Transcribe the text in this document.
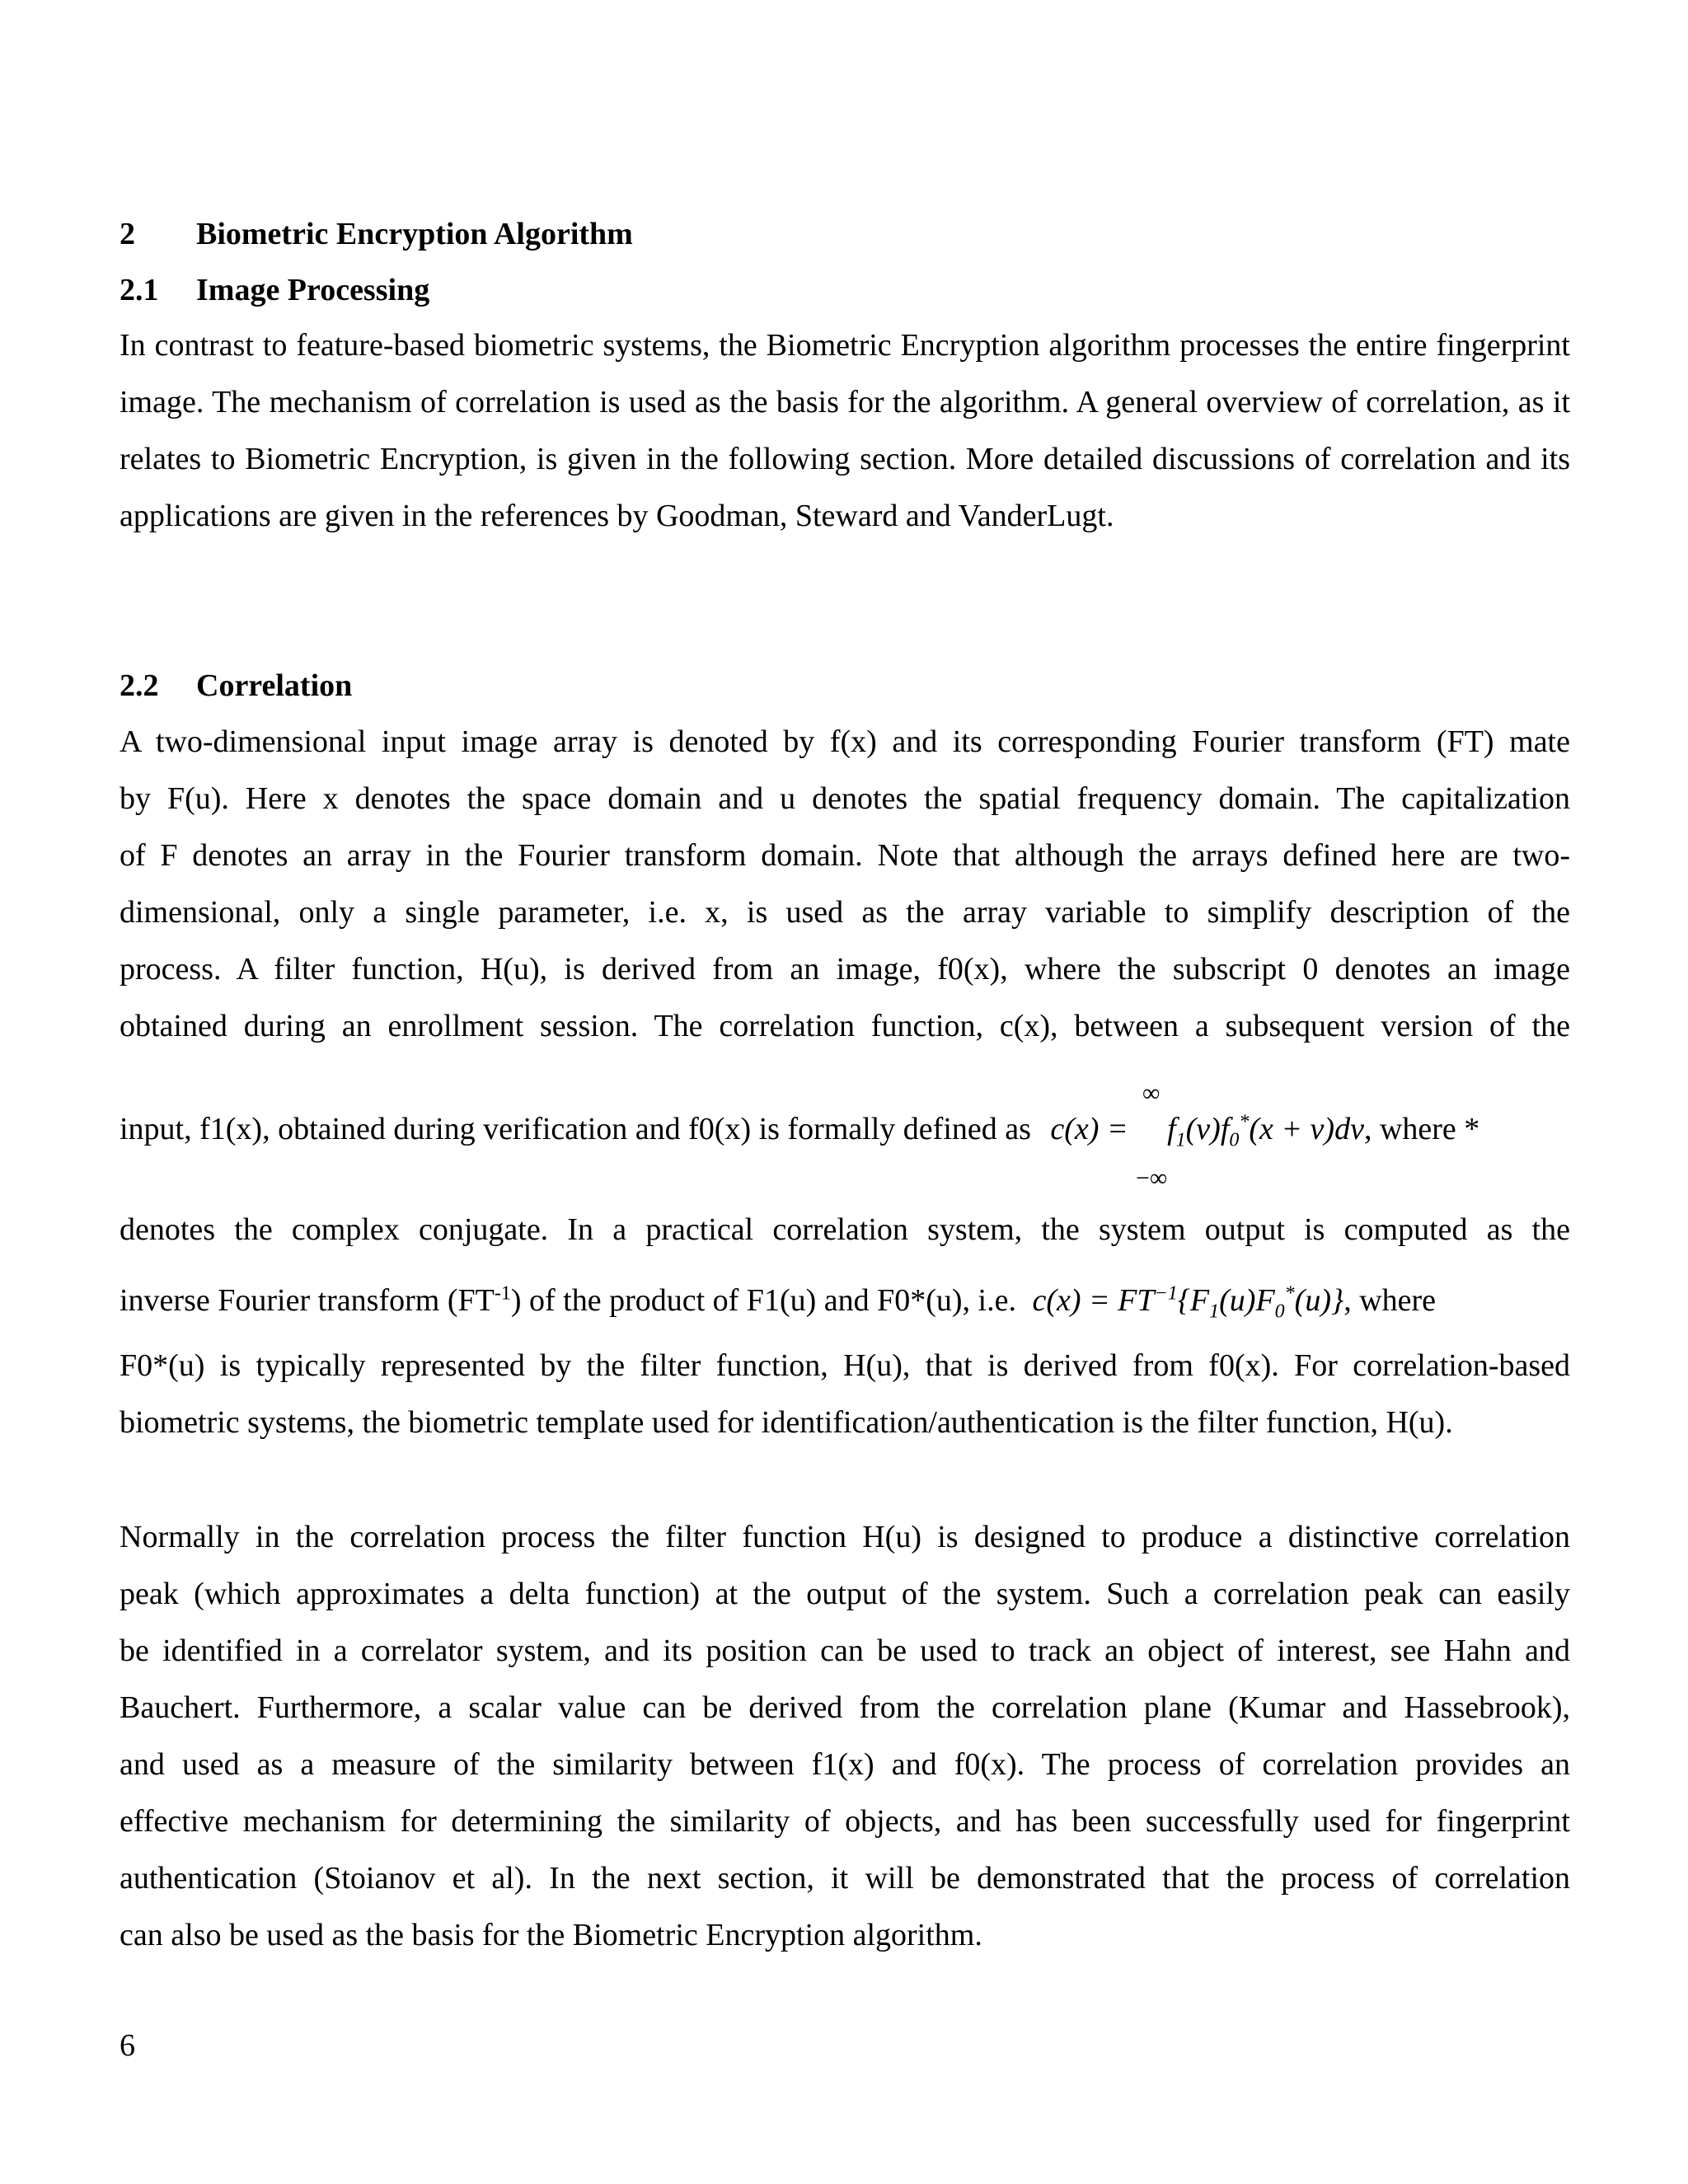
2 Biometric Encryption Algorithm
2.1 Image Processing
In contrast to feature-based biometric systems, the Biometric Encryption algorithm processes the entire fingerprint image. The mechanism of correlation is used as the basis for the algorithm. A general overview of correlation, as it relates to Biometric Encryption, is given in the following section. More detailed discussions of correlation and its applications are given in the references by Goodman, Steward and VanderLugt.
2.2 Correlation
A two-dimensional input image array is denoted by f(x) and its corresponding Fourier transform (FT) mate
by F(u). Here x denotes the space domain and u denotes the spatial frequency domain. The capitalization
of F denotes an array in the Fourier transform domain. Note that although the arrays defined here are two-
dimensional, only a single parameter, i.e. x, is used as the array variable to simplify description of the
process. A filter function, H(u), is derived from an image, f0(x), where the subscript 0 denotes an image
obtained during an enrollment session. The correlation function, c(x), between a subsequent version of the
input, f1(x), obtained during verification and f0(x) is formally defined as c(x) =     $f_1(v)f_0^*(x + v)dv$, where *
∞
−∞
denotes the complex conjugate. In a practical correlation system, the system output is computed as the
inverse Fourier transform $(FT^{-1})$ of the product of F1(u) and F0*(u), i.e. $c(x) = FT^{-1}\{F_1(u)F_0^*(u)\}$, where
F0*(u) is typically represented by the filter function, H(u), that is derived from f0(x). For correlation-based
biometric systems, the biometric template used for identification/authentication is the filter function, H(u).
Normally in the correlation process the filter function H(u) is designed to produce a distinctive correlation
peak (which approximates a delta function) at the output of the system. Such a correlation peak can easily
be identified in a correlator system, and its position can be used to track an object of interest, see Hahn and
Bauchert. Furthermore, a scalar value can be derived from the correlation plane (Kumar and Hassebrook),
and used as a measure of the similarity between f1(x) and f0(x). The process of correlation provides an
effective mechanism for determining the similarity of objects, and has been successfully used for fingerprint
authentication (Stoianov et al). In the next section, it will be demonstrated that the process of correlation
can also be used as the basis for the Biometric Encryption algorithm.
6
